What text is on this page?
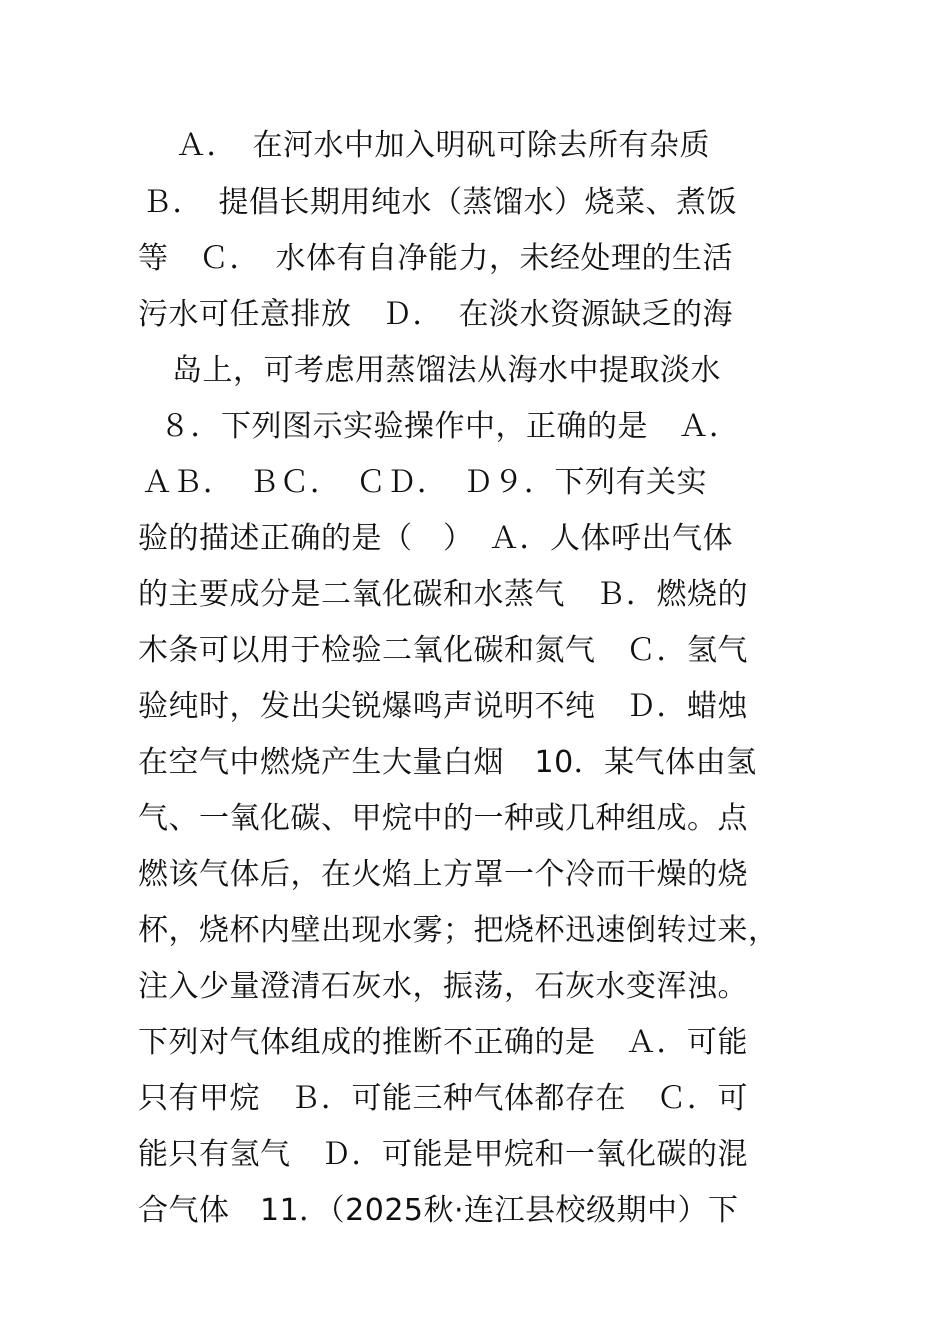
Ａ．　在河水中加入明矾可除去所有杂质
Ｂ．　提倡长期用纯水（蒸馏水）烧菜、煮饭
等　Ｃ．　水体有自净能力，未经处理的生活
污水可任意排放　Ｄ．　在淡水资源缺乏的海
岛上，可考虑用蒸馏法从海水中提取淡水
８．下列图示实验操作中，正确的是　Ａ．
ＡＢ．　ＢＣ．　ＣＤ．　Ｄ９．下列有关实
验的描述正确的是（　）　Ａ．人体呼出气体
的主要成分是二氧化碳和水蒸气　Ｂ．燃烧的
木条可以用于检验二氧化碳和氮气　Ｃ．氢气
验纯时，发出尖锐爆鸣声说明不纯　Ｄ．蜡烛
在空气中燃烧产生大量白烟　10．某气体由氢
气、一氧化碳、甲烷中的一种或几种组成。点
燃该气体后，在火焰上方罩一个冷而干燥的烧
杯，烧杯内壁出现水雾；把烧杯迅速倒转过来，
注入少量澄清石灰水，振荡，石灰水变浑浊。
下列对气体组成的推断不正确的是　Ａ．可能
只有甲烷　Ｂ．可能三种气体都存在　Ｃ．可
能只有氢气　Ｄ．可能是甲烷和一氧化碳的混
合气体　11．（2025秋·连江县校级期中）下
